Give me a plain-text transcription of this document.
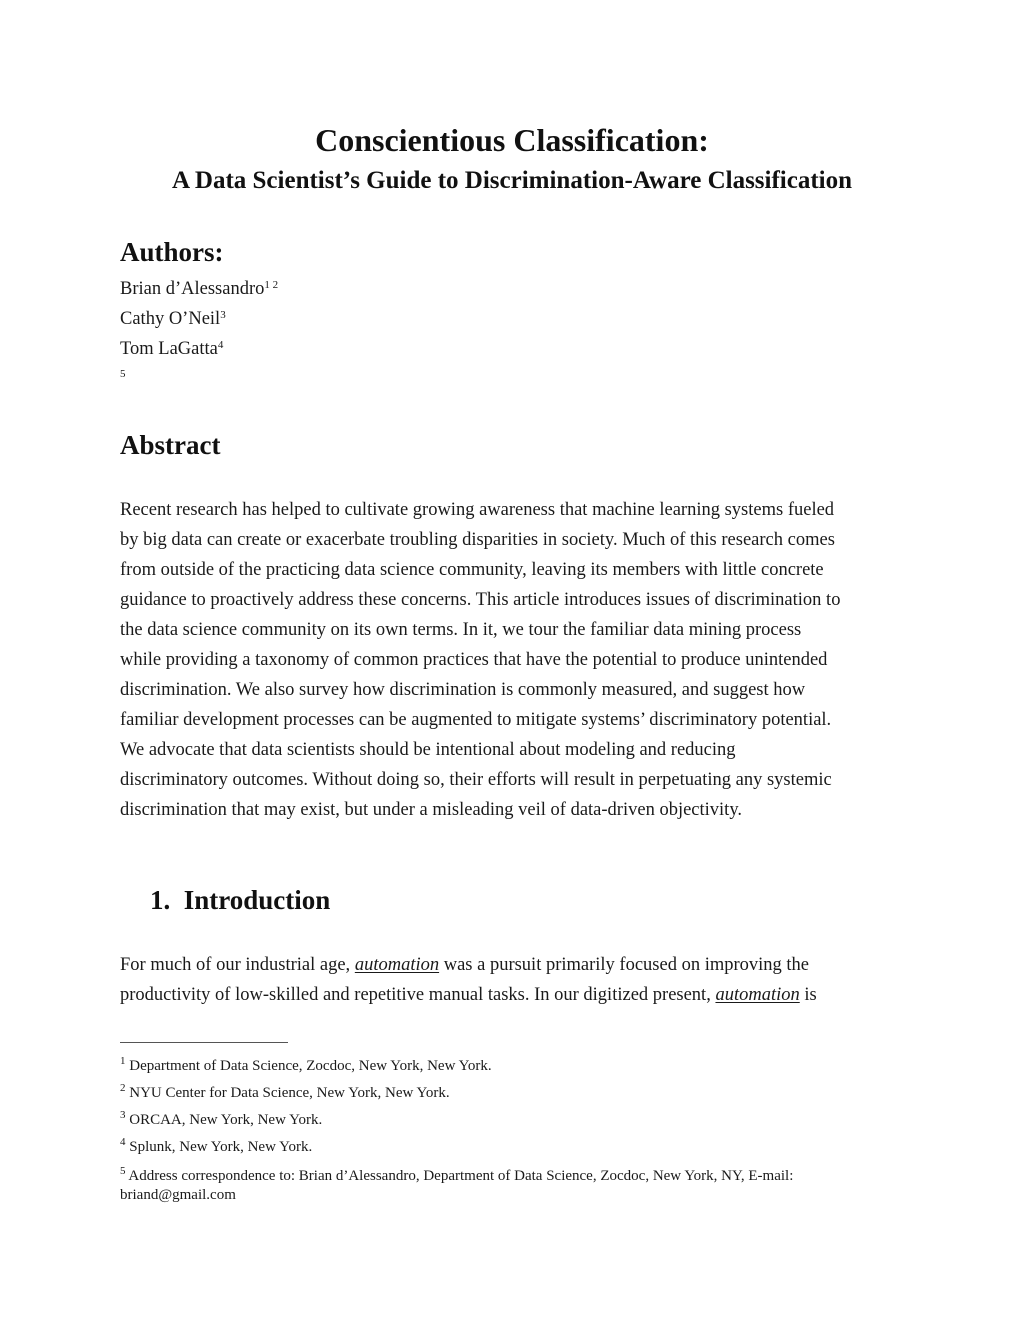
Conscientious Classification:
A Data Scientist’s Guide to Discrimination-Aware Classification
Authors:
Brian d’Alessandro$^{1 2}$
Cathy O’Neil$^3$
Tom LaGatta$^4$
5
Abstract

Recent research has helped to cultivate growing awareness that machine learning systems fueled
by big data can create or exacerbate troubling disparities in society. Much of this research comes
from outside of the practicing data science community, leaving its members with little concrete
guidance to proactively address these concerns. This article introduces issues of discrimination to
the data science community on its own terms. In it, we tour the familiar data mining process
while providing a taxonomy of common practices that have the potential to produce unintended
discrimination. We also survey how discrimination is commonly measured, and suggest how
familiar development processes can be augmented to mitigate systems’ discriminatory potential.
We advocate that data scientists should be intentional about modeling and reducing
discriminatory outcomes. Without doing so, their efforts will result in perpetuating any systemic
discrimination that may exist, but under a misleading veil of data-driven objectivity.

1.  Introduction

For much of our industrial age, automation was a pursuit primarily focused on improving the
productivity of low-skilled and repetitive manual tasks. In our digitized present, automation is

$^1$ Department of Data Science, Zocdoc, New York, New York.
$^2$ NYU Center for Data Science, New York, New York.
$^3$ ORCAA, New York, New York.
$^4$ Splunk, New York, New York.
$^5$ Address correspondence to: Brian d’Alessandro, Department of Data Science, Zocdoc, New York, NY, E-mail:
briand@gmail.com
